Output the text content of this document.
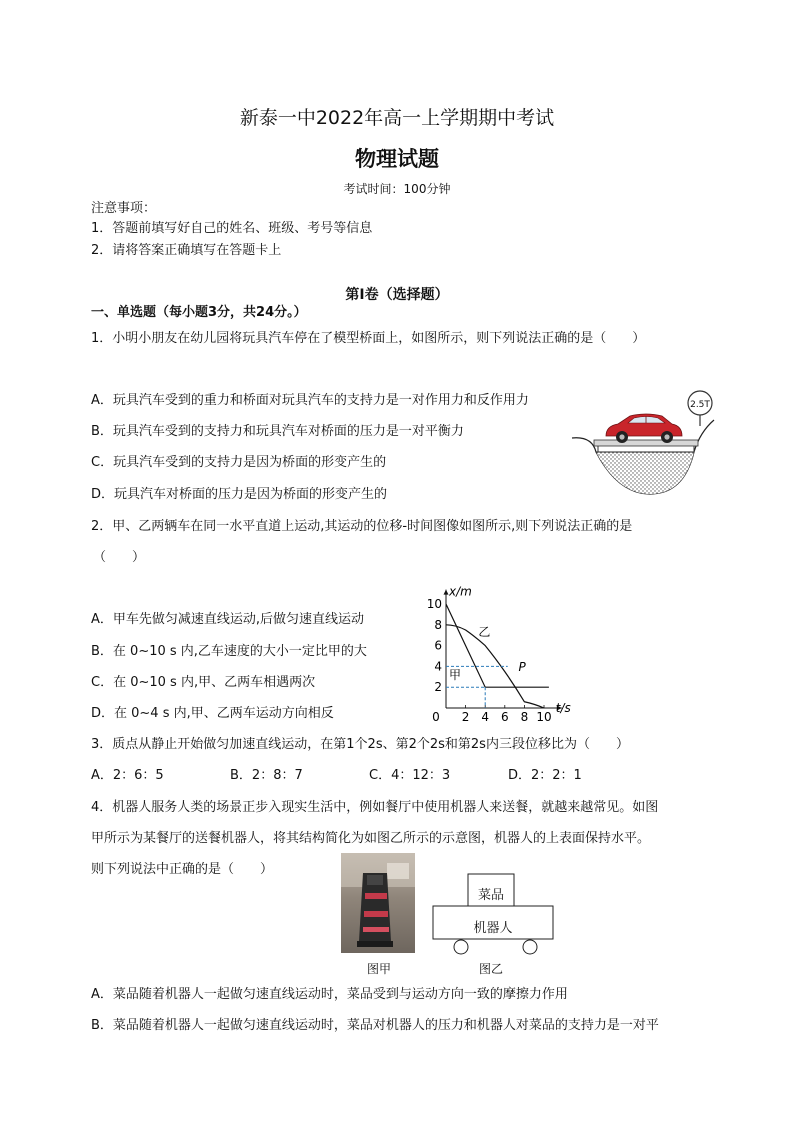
新泰一中2022年高一上学期期中考试
物理试题
考试时间：100分钟
注意事项：
1．答题前填写好自己的姓名、班级、考号等信息
2．请将答案正确填写在答题卡上
第I卷（选择题）
一、单选题（每小题3分，共24分。）
1．小明小朋友在幼儿园将玩具汽车停在了模型桥面上，如图所示，则下列说法正确的是（　　）
A．玩具汽车受到的重力和桥面对玩具汽车的支持力是一对作用力和反作用力
B．玩具汽车受到的支持力和玩具汽车对桥面的压力是一对平衡力
C．玩具汽车受到的支持力是因为桥面的形变产生的
D．玩具汽车对桥面的压力是因为桥面的形变产生的
2.5T
2．甲、乙两辆车在同一水平直道上运动,其运动的位移-时间图像如图所示,则下列说法正确的是
（　　）
A．甲车先做匀减速直线运动,后做匀速直线运动
B．在 0~10 s 内,乙车速度的大小一定比甲的大
C．在 0~10 s 内,甲、乙两车相遇两次
D．在 0~4 s 内,甲、乙两车运动方向相反
x/m
t/s
0 2 4 6 8 10
2
4
6
8
10
甲
乙
P
3．质点从静止开始做匀加速直线运动，在第1个2s、第2个2s和第2s内三段位移比为（　　）
A．2：6：5	B．2：8：7	C．4：12：3	D．2：2：1
4．机器人服务人类的场景正步入现实生活中，例如餐厅中使用机器人来送餐，就越来越常见。如图
甲所示为某餐厅的送餐机器人，将其结构简化为如图乙所示的示意图，机器人的上表面保持水平。
则下列说法中正确的是（　　）
图甲
菜品
机器人
图乙
A．菜品随着机器人一起做匀速直线运动时，菜品受到与运动方向一致的摩擦力作用
B．菜品随着机器人一起做匀速直线运动时，菜品对机器人的压力和机器人对菜品的支持力是一对平
